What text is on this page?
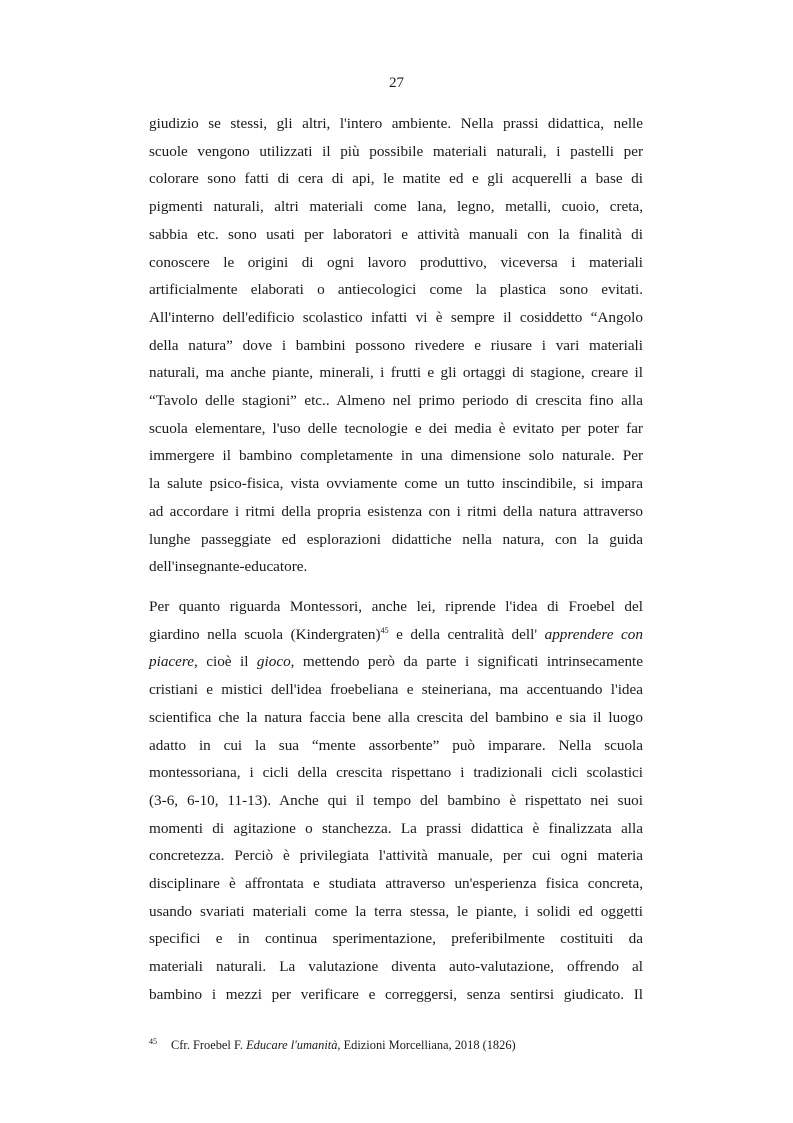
27
giudizio se stessi, gli altri, l'intero ambiente. Nella prassi didattica, nelle
scuole vengono utilizzati il più possibile materiali naturali, i pastelli per
colorare sono fatti di cera di api, le matite ed e gli acquerelli a base di
pigmenti naturali, altri materiali come lana, legno, metalli, cuoio, creta,
sabbia etc. sono usati per laboratori e attività manuali con la finalità di
conoscere le origini di ogni lavoro produttivo, viceversa i materiali
artificialmente elaborati o antiecologici come la plastica sono evitati.
All'interno dell'edificio scolastico infatti vi è sempre il cosiddetto “Angolo
della natura” dove i bambini possono rivedere e riusare i vari materiali
naturali, ma anche piante, minerali, i frutti e gli ortaggi di stagione, creare il
“Tavolo delle stagioni” etc.. Almeno nel primo periodo di crescita fino alla
scuola elementare, l'uso delle tecnologie e dei media è evitato per poter far
immergere il bambino completamente in una dimensione solo naturale. Per
la salute psico-fisica, vista ovviamente come un tutto inscindibile, si impara
ad accordare i ritmi della propria esistenza con i ritmi della natura attraverso
lunghe passeggiate ed esplorazioni didattiche nella natura, con la guida
dell'insegnante-educatore.
Per quanto riguarda Montessori, anche lei, riprende l'idea di Froebel del
giardino nella scuola (Kindergraten)$^{45}$ e della centralità dell' apprendere con
piacere, cioè il gioco, mettendo però da parte i significati intrinsecamente
cristiani e mistici dell'idea froebeliana e steineriana, ma accentuando l'idea
scientifica che la natura faccia bene alla crescita del bambino e sia il luogo
adatto in cui la sua “mente assorbente” può imparare. Nella scuola
montessoriana, i cicli della crescita rispettano i tradizionali cicli scolastici
(3-6, 6-10, 11-13). Anche qui il tempo del bambino è rispettato nei suoi
momenti di agitazione o stanchezza. La prassi didattica è finalizzata alla
concretezza. Perciò è privilegiata l'attività manuale, per cui ogni materia
disciplinare è affrontata e studiata attraverso un'esperienza fisica concreta,
usando svariati materiali come la terra stessa, le piante, i solidi ed oggetti
specifici e in continua sperimentazione, preferibilmente costituiti da
materiali naturali. La valutazione diventa auto-valutazione, offrendo al
bambino i mezzi per verificare e correggersi, senza sentirsi giudicato. Il
45 Cfr. Froebel F. Educare l'umanità, Edizioni Morcelliana, 2018 (1826)
